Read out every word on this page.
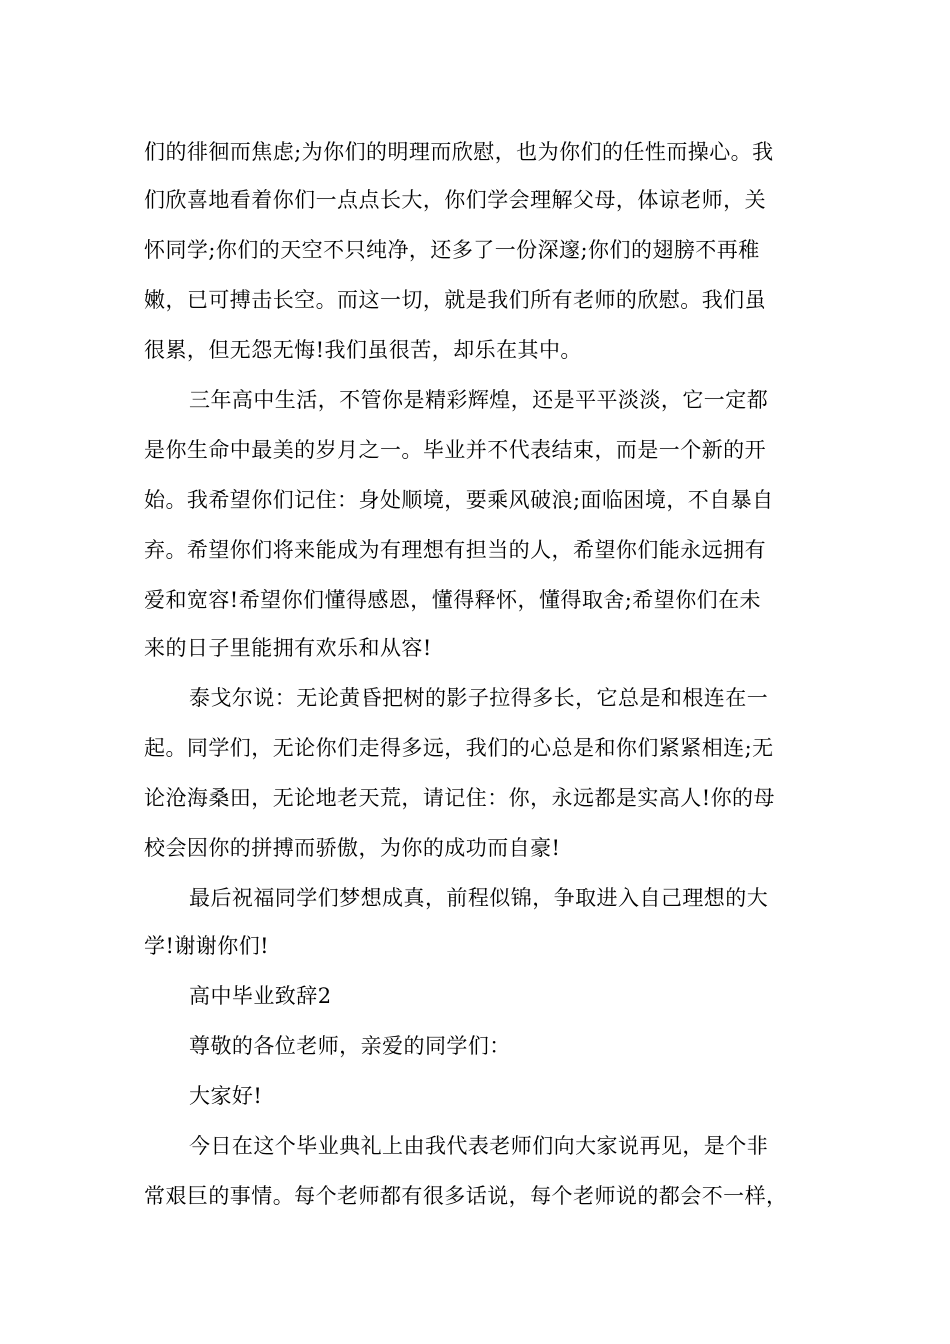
们的徘徊而焦虑;为你们的明理而欣慰，也为你们的任性而操心。我
们欣喜地看着你们一点点长大，你们学会理解父母，体谅老师，关
怀同学;你们的天空不只纯净，还多了一份深邃;你们的翅膀不再稚
嫩，已可搏击长空。而这一切，就是我们所有老师的欣慰。我们虽
很累，但无怨无悔!我们虽很苦，却乐在其中。
三年高中生活，不管你是精彩辉煌，还是平平淡淡，它一定都
是你生命中最美的岁月之一。毕业并不代表结束，而是一个新的开
始。我希望你们记住：身处顺境，要乘风破浪;面临困境，不自暴自
弃。希望你们将来能成为有理想有担当的人，希望你们能永远拥有
爱和宽容!希望你们懂得感恩，懂得释怀，懂得取舍;希望你们在未
来的日子里能拥有欢乐和从容!
泰戈尔说：无论黄昏把树的影子拉得多长，它总是和根连在一
起。同学们，无论你们走得多远，我们的心总是和你们紧紧相连;无
论沧海桑田，无论地老天荒，请记住：你，永远都是实高人!你的母
校会因你的拼搏而骄傲，为你的成功而自豪!
最后祝福同学们梦想成真，前程似锦，争取进入自己理想的大
学!谢谢你们!
高中毕业致辞2
尊敬的各位老师，亲爱的同学们：
大家好!
今日在这个毕业典礼上由我代表老师们向大家说再见，是个非
常艰巨的事情。每个老师都有很多话说，每个老师说的都会不一样，
